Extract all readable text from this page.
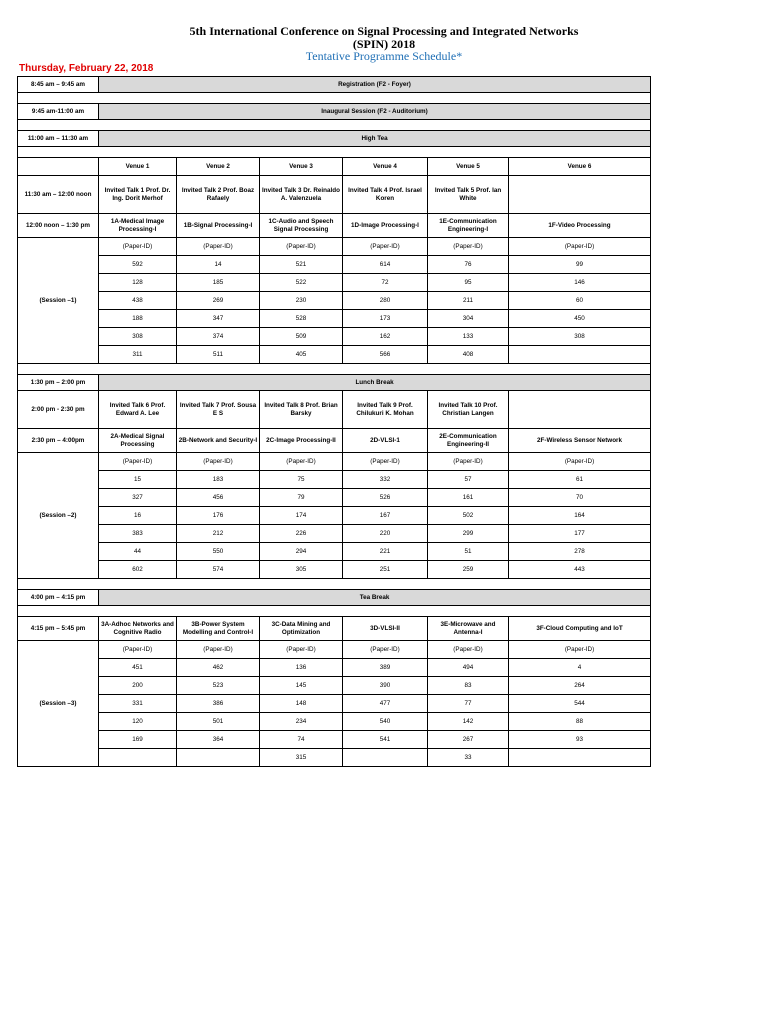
5th International Conference on Signal Processing and Integrated Networks
(SPIN) 2018
Tentative Programme Schedule*
Thursday, February 22, 2018
8:45 am – 9:45 am	Registration (F2 - Foyer)					

9:45 am-11:00 am	Inaugural Session (F2 - Auditorium)					

11:00 am – 11:30 am	High Tea					

	Venue 1	Venue 2	Venue 3	Venue 4	Venue 5	Venue 6
11:30 am – 12:00 noon	Invited Talk 1 Prof. Dr. Ing. Dorit Merhof	Invited Talk 2 Prof. Boaz Rafaely	Invited Talk 3 Dr. Reinaldo A. Valenzuela	Invited Talk 4 Prof. Israel Koren	Invited Talk 5 Prof. Ian White	
12:00 noon – 1:30 pm	1A-Medical Image Processing-I	1B-Signal Processing-I	1C-Audio and Speech Signal Processing	1D-Image Processing-I	1E-Communication Engineering-I	1F-Video Processing
(Session –1)	(Paper-ID)	(Paper-ID)	(Paper-ID)	(Paper-ID)	(Paper-ID)	(Paper-ID)
	592	14	521	614	76	99
	128	185	522	72	95	146
	438	269	230	280	211	60
	188	347	528	173	304	450
	308	374	509	162	133	308
	311	511	405	566	408	

1:30 pm – 2:00 pm	Lunch Break					
2:00 pm - 2:30 pm	Invited Talk 6 Prof. Edward A. Lee	Invited Talk 7 Prof. Sousa E S	Invited Talk 8 Prof. Brian Barsky	Invited Talk 9 Prof. Chilukuri K. Mohan	Invited Talk 10 Prof. Christian Langen	
2:30 pm – 4:00pm	2A-Medical Signal Processing	2B-Network and Security-I	2C-Image Processing-II	2D-VLSI-1	2E-Communication Engineering-II	2F-Wireless Sensor Network
(Session –2)	(Paper-ID)	(Paper-ID)	(Paper-ID)	(Paper-ID)	(Paper-ID)	(Paper-ID)
	15	183	75	332	57	61
	327	456	79	526	161	70
	16	176	174	167	502	164
	383	212	226	220	299	177
	44	550	294	221	51	278
	602	574	305	251	259	443

4:00 pm – 4:15 pm	Tea Break					

4:15 pm – 5:45 pm	3A-Adhoc Networks and Cognitive Radio	3B-Power System Modelling and Control-I	3C-Data Mining and Optimization	3D-VLSI-II	3E-Microwave and Antenna-I	3F-Cloud Computing and IoT
(Session –3)	(Paper-ID)	(Paper-ID)	(Paper-ID)	(Paper-ID)	(Paper-ID)	(Paper-ID)
	451	462	136	389	494	4
	200	523	145	390	83	264
	331	386	148	477	77	544
	120	501	234	540	142	88
	169	364	74	541	267	93
			315		33	
